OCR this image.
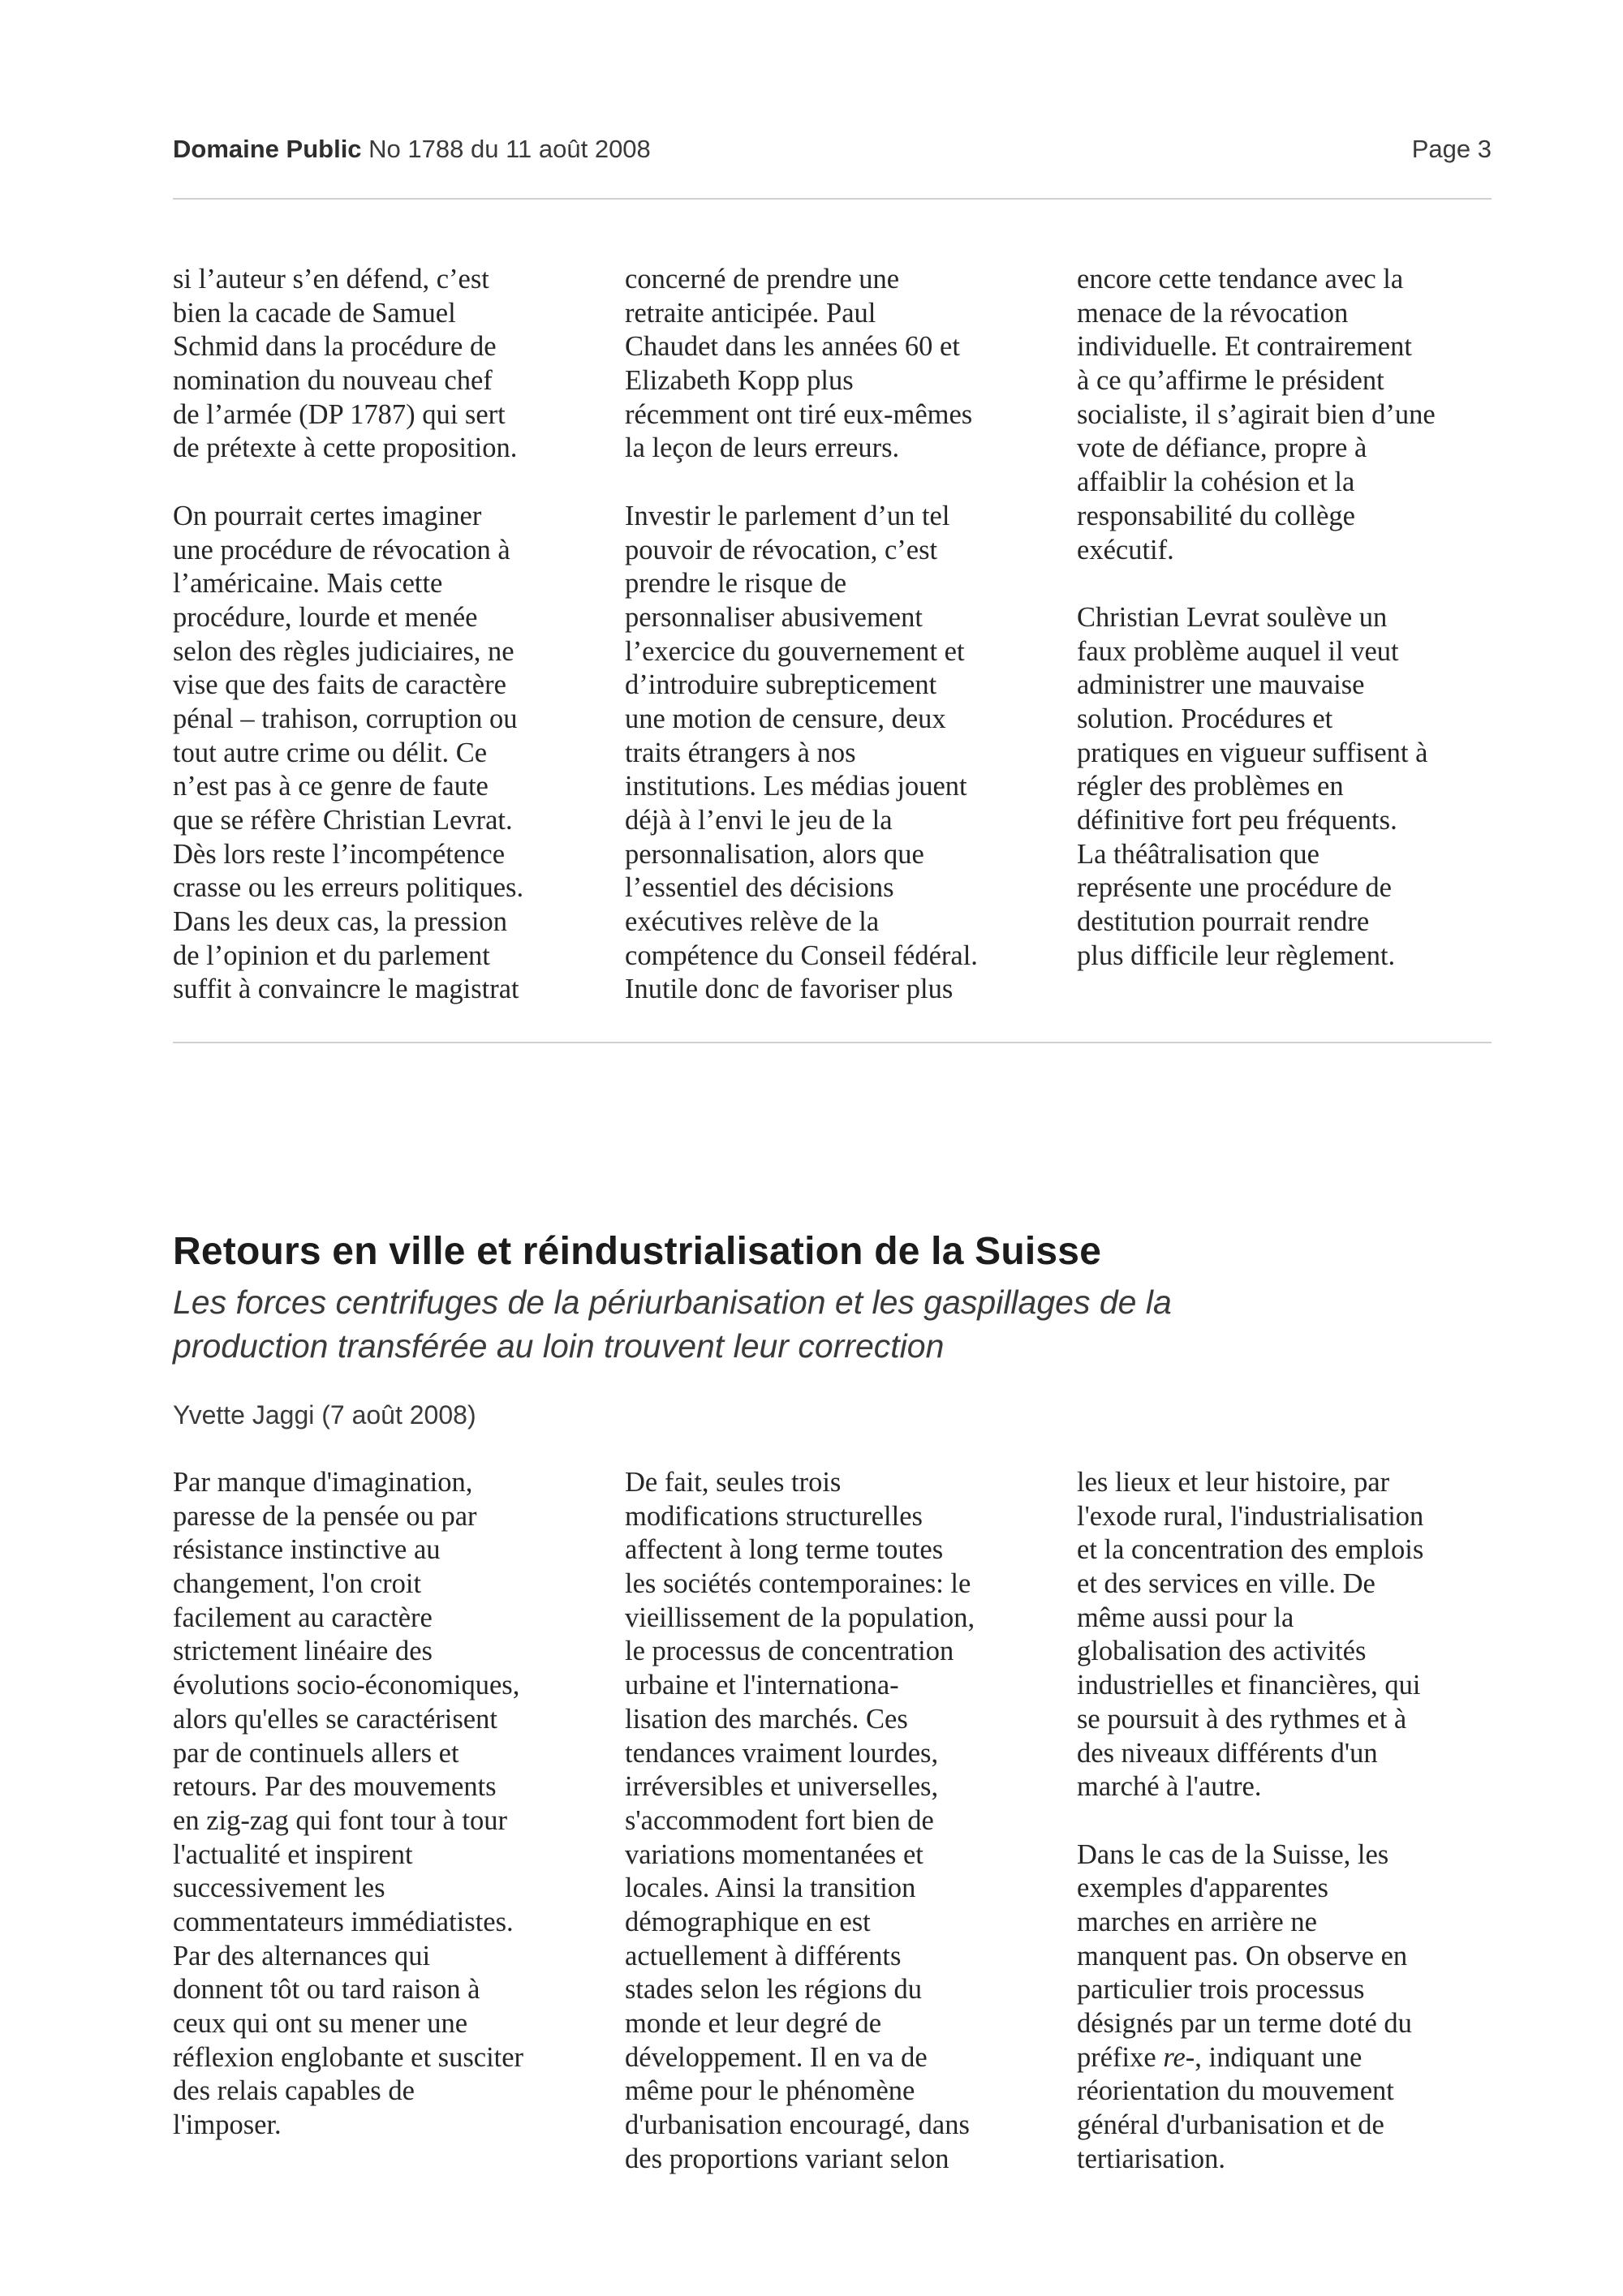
Domaine Public No 1788 du 11 août 2008	Page 3
si l’auteur s’en défend, c’est
bien la cacade de Samuel
Schmid dans la procédure de
nomination du nouveau chef
de l’armée (DP 1787) qui sert
de prétexte à cette proposition.
On pourrait certes imaginer
une procédure de révocation à
l’américaine. Mais cette
procédure, lourde et menée
selon des règles judiciaires, ne
vise que des faits de caractère
pénal – trahison, corruption ou
tout autre crime ou délit. Ce
n’est pas à ce genre de faute
que se réfère Christian Levrat.
Dès lors reste l’incompétence
crasse ou les erreurs politiques.
Dans les deux cas, la pression
de l’opinion et du parlement
suffit à convaincre le magistrat
concerné de prendre une
retraite anticipée. Paul
Chaudet dans les années 60 et
Elizabeth Kopp plus
récemment ont tiré eux-mêmes
la leçon de leurs erreurs.
Investir le parlement d’un tel
pouvoir de révocation, c’est
prendre le risque de
personnaliser abusivement
l’exercice du gouvernement et
d’introduire subrepticement
une motion de censure, deux
traits étrangers à nos
institutions. Les médias jouent
déjà à l’envi le jeu de la
personnalisation, alors que
l’essentiel des décisions
exécutives relève de la
compétence du Conseil fédéral.
Inutile donc de favoriser plus
encore cette tendance avec la
menace de la révocation
individuelle. Et contrairement
à ce qu’affirme le président
socialiste, il s’agirait bien d’une
vote de défiance, propre à
affaiblir la cohésion et la
responsabilité du collège
exécutif.
Christian Levrat soulève un
faux problème auquel il veut
administrer une mauvaise
solution. Procédures et
pratiques en vigueur suffisent à
régler des problèmes en
définitive fort peu fréquents.
La théâtralisation que
représente une procédure de
destitution pourrait rendre
plus difficile leur règlement.
Retours en ville et réindustrialisation de la Suisse
Les forces centrifuges de la périurbanisation et les gaspillages de la
production transférée au loin trouvent leur correction
Yvette Jaggi (7 août 2008)
Par manque d'imagination,
paresse de la pensée ou par
résistance instinctive au
changement, l'on croit
facilement au caractère
strictement linéaire des
évolutions socio-économiques,
alors qu'elles se caractérisent
par de continuels allers et
retours. Par des mouvements
en zig-zag qui font tour à tour
l'actualité et inspirent
successivement les
commentateurs immédiatistes.
Par des alternances qui
donnent tôt ou tard raison à
ceux qui ont su mener une
réflexion englobante et susciter
des relais capables de
l'imposer.
De fait, seules trois
modifications structurelles
affectent à long terme toutes
les sociétés contemporaines: le
vieillissement de la population,
le processus de concentration
urbaine et l'internationa-
lisation des marchés. Ces
tendances vraiment lourdes,
irréversibles et universelles,
s'accommodent fort bien de
variations momentanées et
locales. Ainsi la transition
démographique en est
actuellement à différents
stades selon les régions du
monde et leur degré de
développement. Il en va de
même pour le phénomène
d'urbanisation encouragé, dans
des proportions variant selon
les lieux et leur histoire, par
l'exode rural, l'industrialisation
et la concentration des emplois
et des services en ville. De
même aussi pour la
globalisation des activités
industrielles et financières, qui
se poursuit à des rythmes et à
des niveaux différents d'un
marché à l'autre.
Dans le cas de la Suisse, les
exemples d'apparentes
marches en arrière ne
manquent pas. On observe en
particulier trois processus
désignés par un terme doté du
préfixe re-, indiquant une
réorientation du mouvement
général d'urbanisation et de
tertiarisation.
